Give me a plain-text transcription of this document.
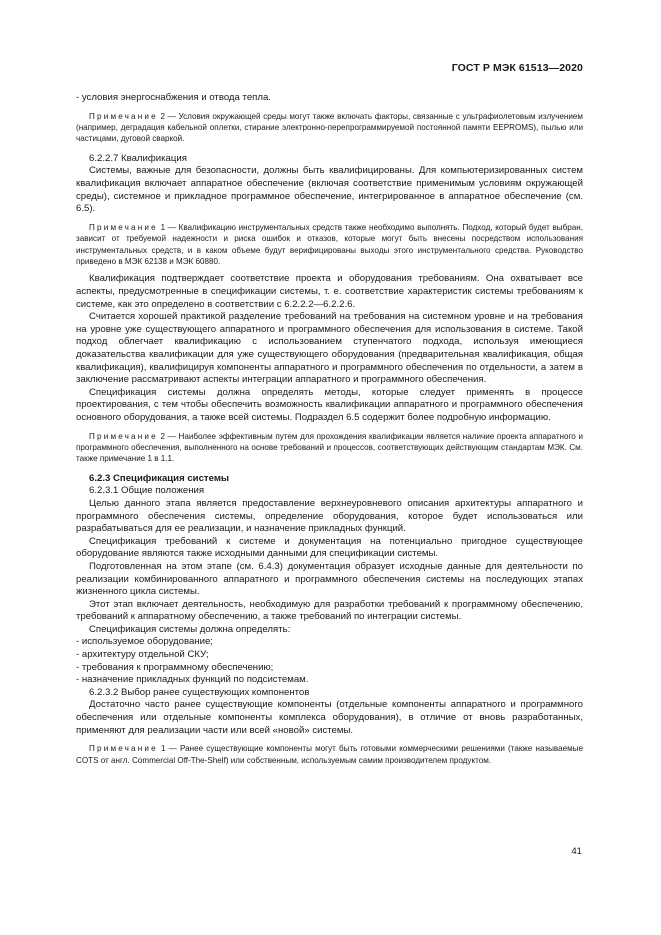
ГОСТ Р МЭК 61513—2020

- условия энергоснабжения и отвода тепла.

Примечание 2 — Условия окружающей среды могут также включать факторы, связанные с ультрафиолетовым излучением (например, деградация кабельной оплетки, стирание электронно-перепрограммируемой постоянной памяти EEPROMS), пылью или частицами, дуговой сваркой.

6.2.2.7 Квалификация

Системы, важные для безопасности, должны быть квалифицированы. Для компьютеризированных систем квалификация включает аппаратное обеспечение (включая соответствие применимым условиям окружающей среды), системное и прикладное программное обеспечение, интегрированное в аппаратное обеспечение (см. 6.5).

Примечание 1 — Квалификацию инструментальных средств также необходимо выполнять. Подход, который будет выбран, зависит от требуемой надежности и риска ошибок и отказов, которые могут быть внесены посредством использования инструментальных средств, и в каком объеме будут верифицированы выходы этого инструментального средства. Руководство приведено в МЭК 62138 и МЭК 60880.

Квалификация подтверждает соответствие проекта и оборудования требованиям. Она охватывает все аспекты, предусмотренные в спецификации системы, т. е. соответствие характеристик системы требованиям к системе, как это определено в соответствии с 6.2.2.2—6.2.2.6.

Считается хорошей практикой разделение требований на требования на системном уровне и на требования на уровне уже существующего аппаратного и программного обеспечения для использования в системе. Такой подход облегчает квалификацию с использованием ступенчатого подхода, используя имеющиеся доказательства квалификации для уже существующего оборудования (предварительная квалификация, общая квалификация), квалифицируя компоненты аппаратного и программного обеспечения по отдельности, а затем в заключение рассматривают аспекты интеграции аппаратного и программного обеспечения.

Спецификация системы должна определять методы, которые следует применять в процессе проектирования, с тем чтобы обеспечить возможность квалификации аппаратного и программного обеспечения основного оборудования, а также всей системы. Подраздел 6.5 содержит более подробную информацию.

Примечание 2 — Наиболее эффективным путем для прохождения квалификации является наличие проекта аппаратного и программного обеспечения, выполненного на основе требований и процессов, соответствующих действующим стандартам МЭК. См. также примечание 1 в 1.1.

6.2.3 Спецификация системы

6.2.3.1 Общие положения

Целью данного этапа является предоставление верхнеуровневого описания архитектуры аппаратного и программного обеспечения системы, определение оборудования, которое будет использоваться или разрабатываться для ее реализации, и назначение прикладных функций.

Спецификация требований к системе и документация на потенциально пригодное существующее оборудование являются также исходными данными для спецификации системы.

Подготовленная на этом этапе (см. 6.4.3) документация образует исходные данные для деятельности по реализации комбинированного аппаратного и программного обеспечения системы на последующих этапах жизненного цикла системы.

Этот этап включает деятельность, необходимую для разработки требований к программному обеспечению, требований к аппаратному обеспечению, а также требований по интеграции системы.

Спецификация системы должна определять:

- используемое оборудование;

- архитектуру отдельной СКУ;

- требования к программному обеспечению;

- назначение прикладных функций по подсистемам.

6.2.3.2 Выбор ранее существующих компонентов

Достаточно часто ранее существующие компоненты (отдельные компоненты аппаратного и программного обеспечения или отдельные компоненты комплекса оборудования), в отличие от вновь разработанных, применяют для реализации части или всей «новой» системы.

Примечание 1 — Ранее существующие компоненты могут быть готовыми коммерческими решениями (также называемые COTS от англ. Commercial Off-The-Shelf) или собственным, используемым самим производителем продуктом.

41
